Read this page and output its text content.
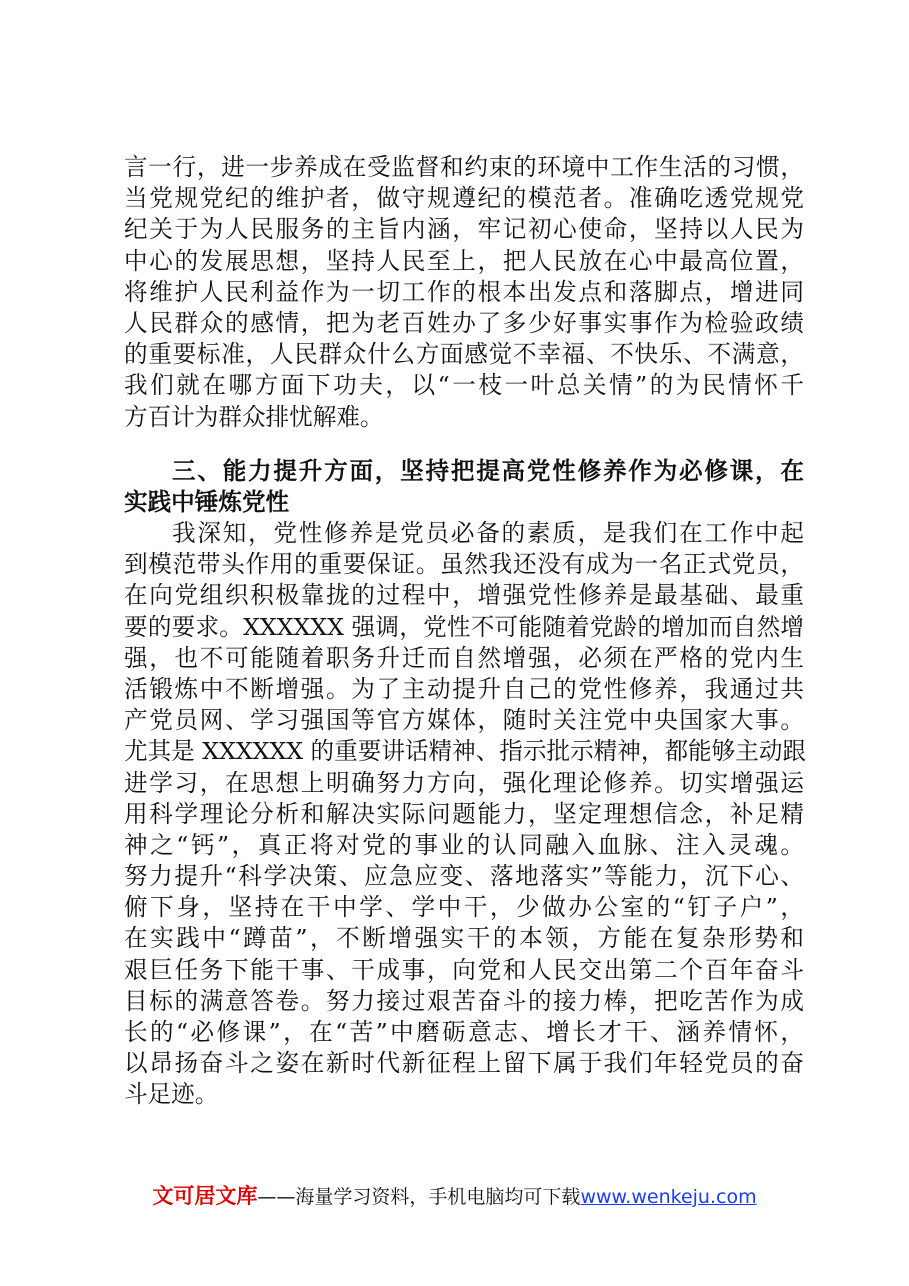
言一行，进一步养成在受监督和约束的环境中工作生活的习惯，
当党规党纪的维护者，做守规遵纪的模范者。准确吃透党规党
纪关于为人民服务的主旨内涵，牢记初心使命，坚持以人民为
中心的发展思想，坚持人民至上，把人民放在心中最高位置，
将维护人民利益作为一切工作的根本出发点和落脚点，增进同
人民群众的感情，把为老百姓办了多少好事实事作为检验政绩
的重要标准，人民群众什么方面感觉不幸福、不快乐、不满意，
我们就在哪方面下功夫，以“一枝一叶总关情”的为民情怀千
方百计为群众排忧解难。
三、能力提升方面，坚持把提高党性修养作为必修课，在
实践中锤炼党性
我深知，党性修养是党员必备的素质，是我们在工作中起
到模范带头作用的重要保证。虽然我还没有成为一名正式党员，
在向党组织积极靠拢的过程中，增强党性修养是最基础、最重
要的要求。XXXXXX 强调，党性不可能随着党龄的增加而自然增
强，也不可能随着职务升迁而自然增强，必须在严格的党内生
活锻炼中不断增强。为了主动提升自己的党性修养，我通过共
产党员网、学习强国等官方媒体，随时关注党中央国家大事。
尤其是 XXXXXX 的重要讲话精神、指示批示精神，都能够主动跟
进学习，在思想上明确努力方向，强化理论修养。切实增强运
用科学理论分析和解决实际问题能力，坚定理想信念，补足精
神之“钙”，真正将对党的事业的认同融入血脉、注入灵魂。
努力提升“科学决策、应急应变、落地落实”等能力，沉下心、
俯下身，坚持在干中学、学中干，少做办公室的“钉子户”，
在实践中“蹲苗”，不断增强实干的本领，方能在复杂形势和
艰巨任务下能干事、干成事，向党和人民交出第二个百年奋斗
目标的满意答卷。努力接过艰苦奋斗的接力棒，把吃苦作为成
长的“必修课”，在“苦”中磨砺意志、增长才干、涵养情怀，
以昂扬奋斗之姿在新时代新征程上留下属于我们年轻党员的奋
斗足迹。
文可居文库——海量学习资料，手机电脑均可下载www.wenkeju.com
